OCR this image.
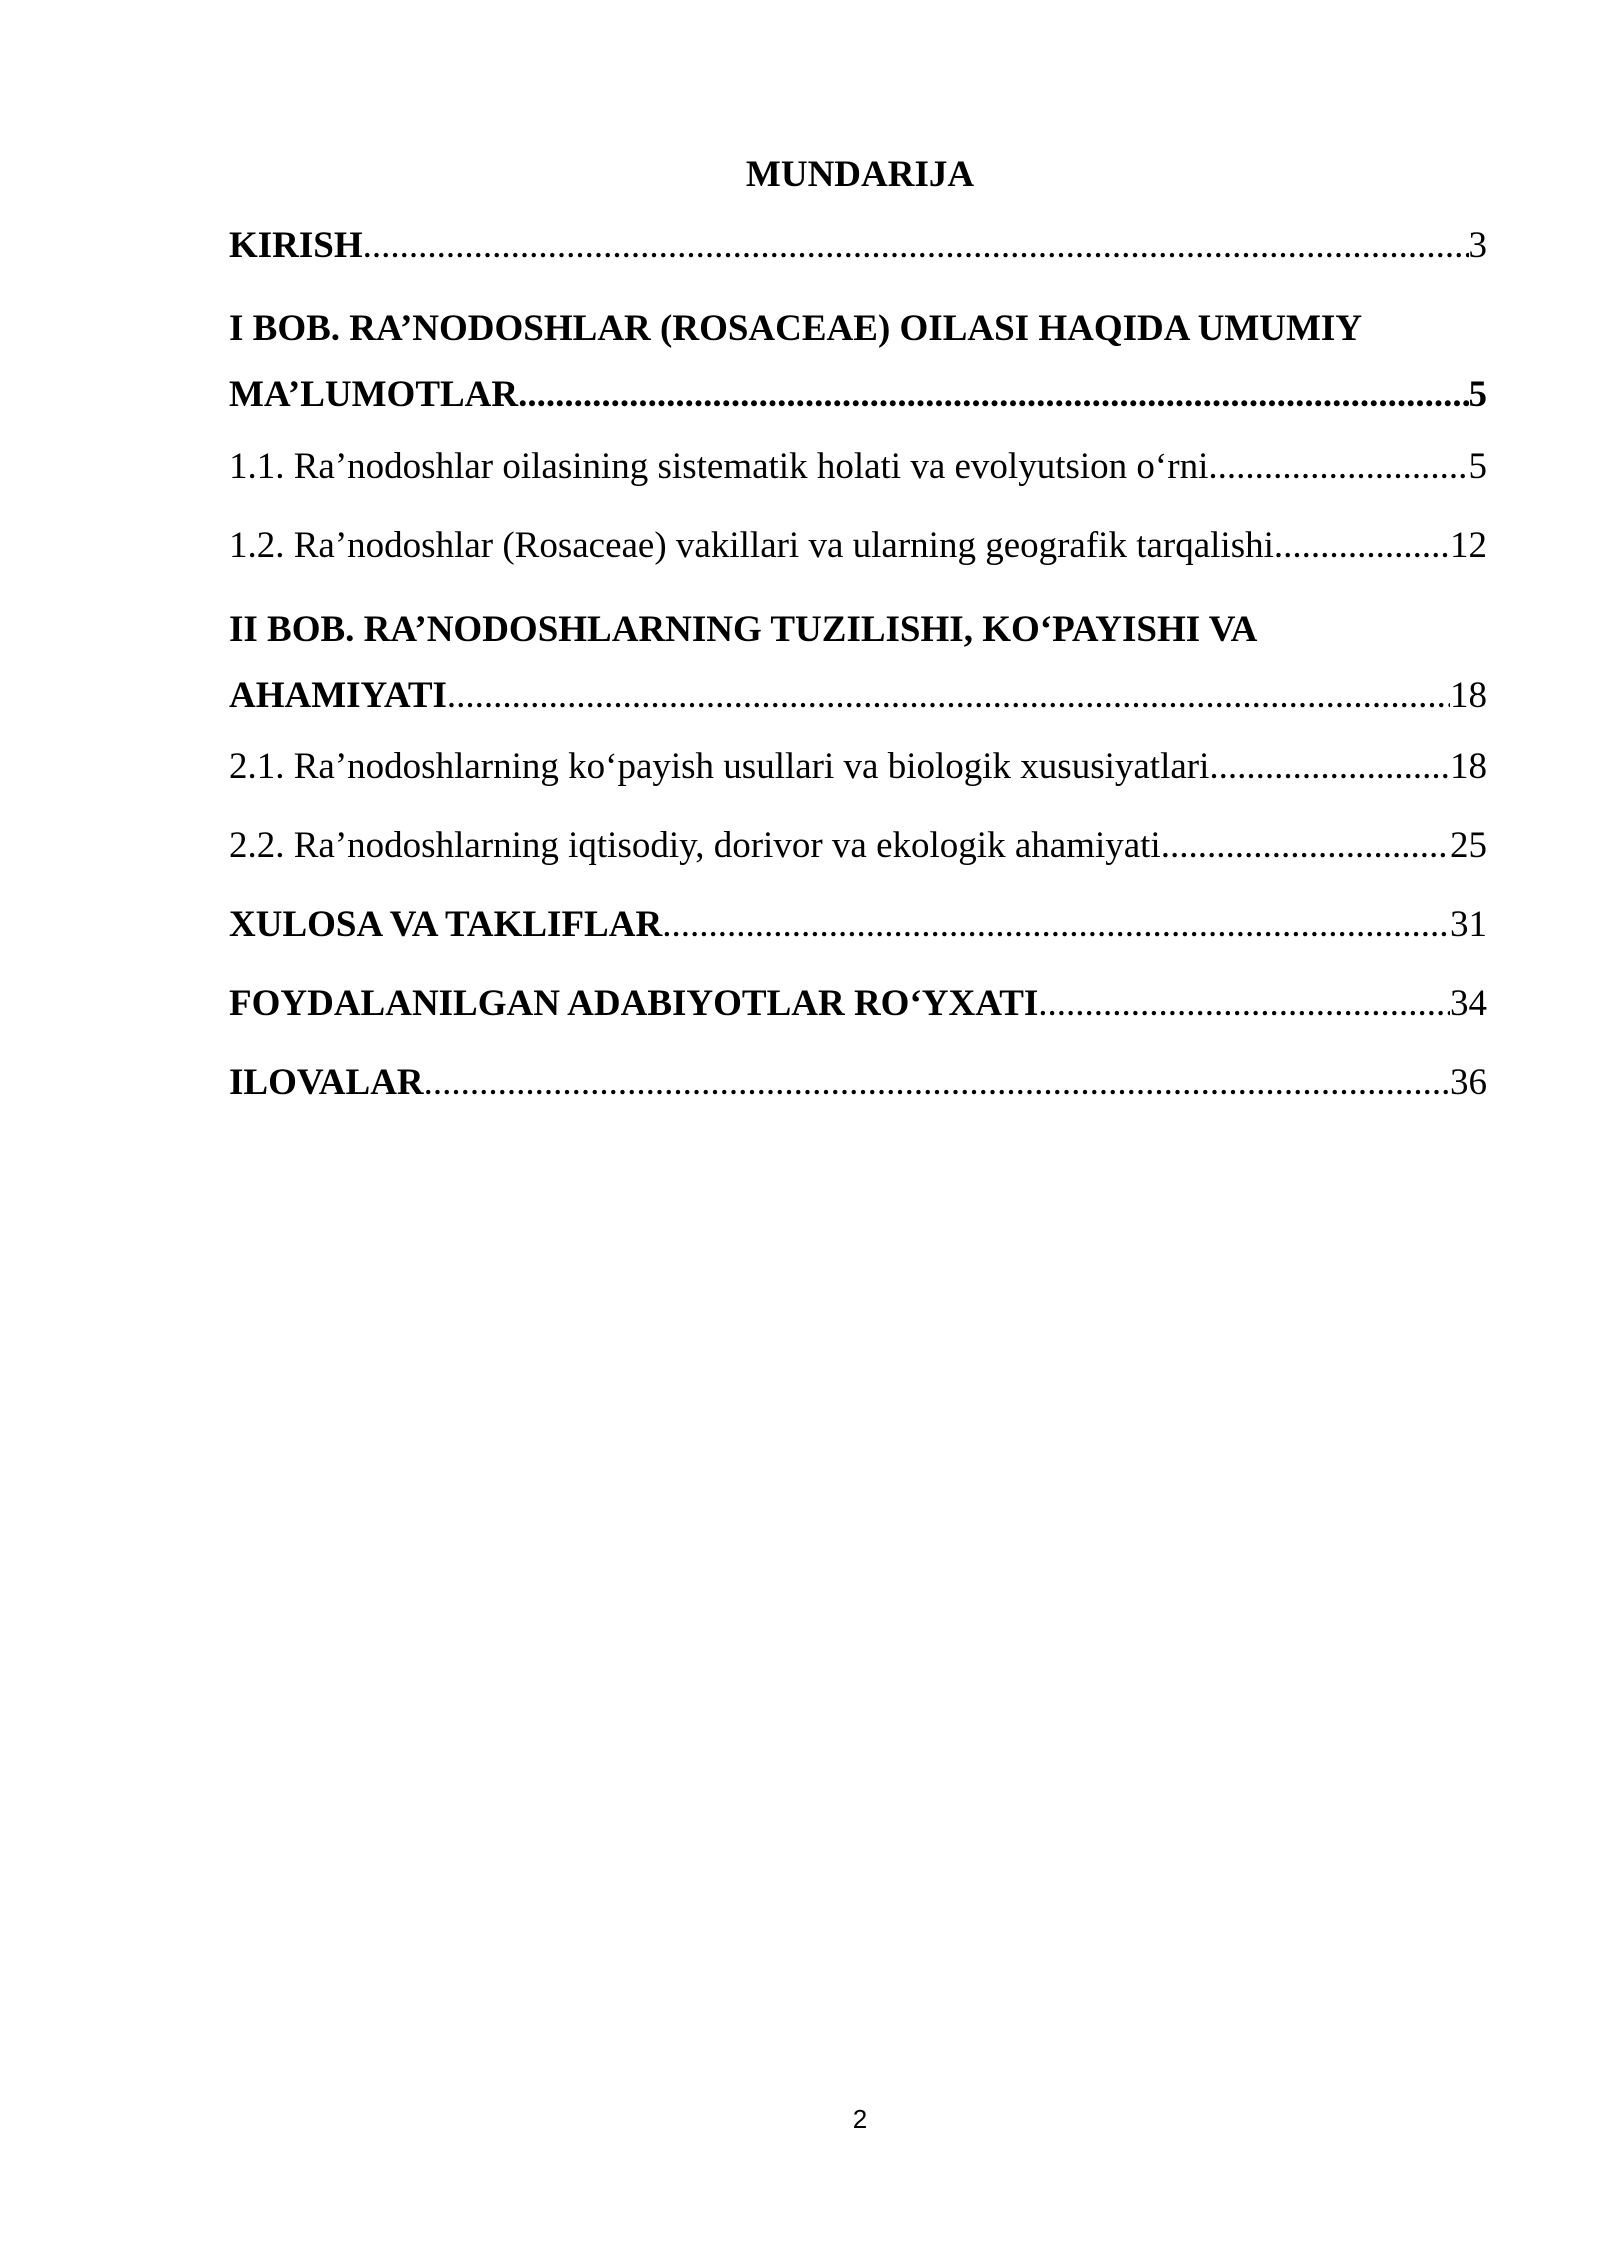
MUNDARIJA
KIRISH .....	3
I BOB. RA’NODOSHLAR (ROSACEAE) OILASI HAQIDA UMUMIY
MA’LUMOTLAR .....	5
1.1. Ra’nodoshlar oilasining sistematik holati va evolyutsion o‘rni .....	5
1.2. Ra’nodoshlar (Rosaceae) vakillari va ularning geografik tarqalishi .....	12
II BOB. RA’NODOSHLARNING TUZILISHI, KO‘PAYISHI VA
AHAMIYATI .....	18
2.1. Ra’nodoshlarning ko‘payish usullari va biologik xususiyatlari .....	18
2.2. Ra’nodoshlarning iqtisodiy, dorivor va ekologik ahamiyati .....	25
XULOSA VA TAKLIFLAR .....	31
FOYDALANILGAN ADABIYOTLAR RO‘YXATI .....	34
ILOVALAR .....	36
2
